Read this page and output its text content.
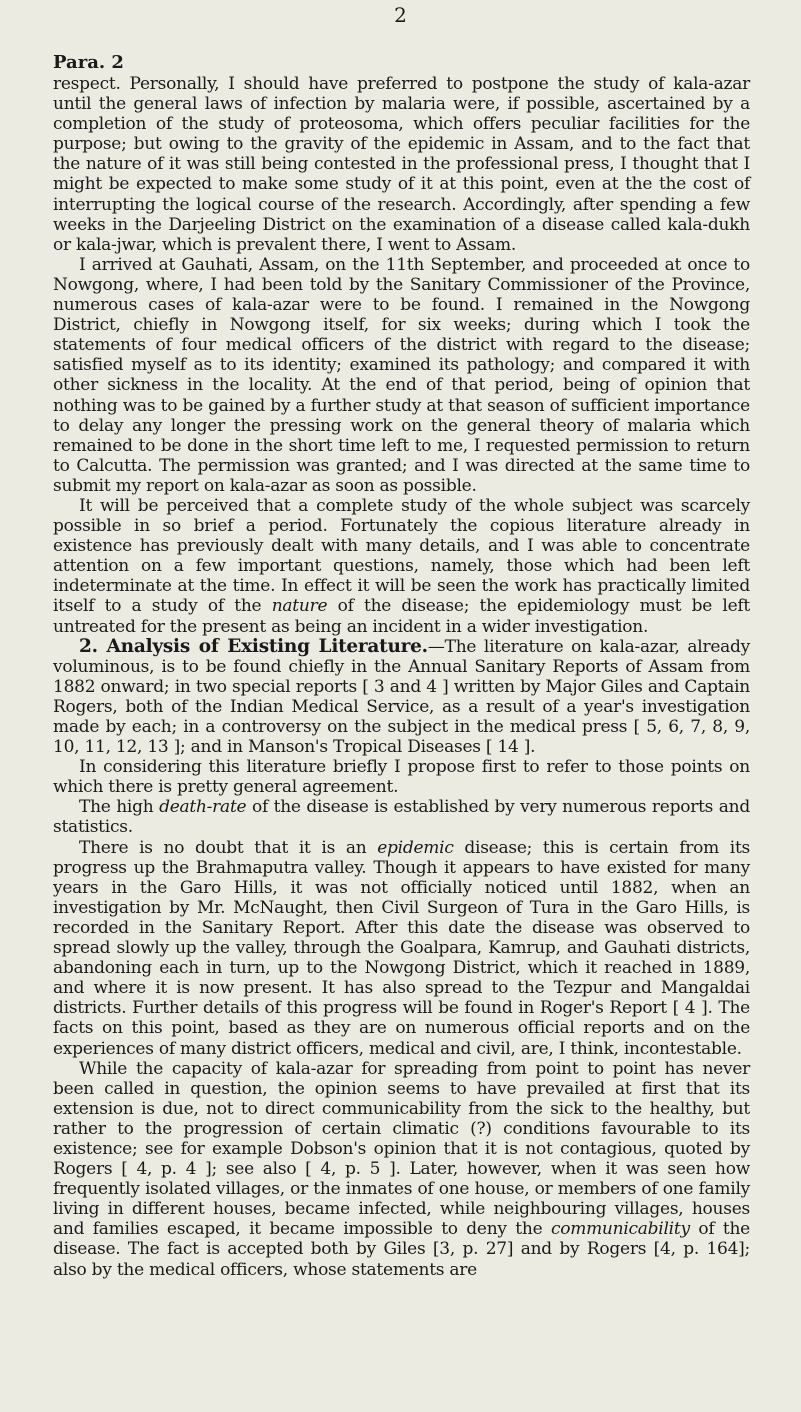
2
Para. 2

respect. Personally, I should have preferred to postpone the study of kala-azar until the general laws of infection by malaria were, if possible, ascertained by a completion of the study of proteosoma, which offers peculiar facilities for the purpose; but owing to the gravity of the epidemic in Assam, and to the fact that the nature of it was still being contested in the professional press, I thought that I might be expected to make some study of it at this point, even at the the cost of interrupting the logical course of the research. Accordingly, after spending a few weeks in the Darjeeling District on the examination of a disease called kala-dukh or kala-jwar, which is prevalent there, I went to Assam.

I arrived at Gauhati, Assam, on the 11th September, and proceeded at once to Nowgong, where, I had been told by the Sanitary Commissioner of the Province, numerous cases of kala-azar were to be found. I remained in the Nowgong District, chiefly in Nowgong itself, for six weeks; during which I took the statements of four medical officers of the district with regard to the disease; satisfied myself as to its identity; examined its pathology; and compared it with other sickness in the locality. At the end of that period, being of opinion that nothing was to be gained by a further study at that season of sufficient importance to delay any longer the pressing work on the general theory of malaria which remained to be done in the short time left to me, I requested permission to return to Calcutta. The permission was granted; and I was directed at the same time to submit my report on kala-azar as soon as possible.

It will be perceived that a complete study of the whole subject was scarcely possible in so brief a period. Fortunately the copious literature already in existence has previously dealt with many details, and I was able to concentrate attention on a few important questions, namely, those which had been left indeterminate at the time. In effect it will be seen the work has practically limited itself to a study of the nature of the disease; the epidemiology must be left untreated for the present as being an incident in a wider investigation.

2. Analysis of Existing Literature.—The literature on kala-azar, already voluminous, is to be found chiefly in the Annual Sanitary Reports of Assam from 1882 onward; in two special reports [ 3 and 4 ] written by Major Giles and Captain Rogers, both of the Indian Medical Service, as a result of a year's investigation made by each; in a controversy on the subject in the medical press [ 5, 6, 7, 8, 9, 10, 11, 12, 13 ]; and in Manson's Tropical Diseases [ 14 ].

In considering this literature briefly I propose first to refer to those points on which there is pretty general agreement.

The high death-rate of the disease is established by very numerous reports and statistics.

There is no doubt that it is an epidemic disease; this is certain from its progress up the Brahmaputra valley. Though it appears to have existed for many years in the Garo Hills, it was not officially noticed until 1882, when an investigation by Mr. McNaught, then Civil Surgeon of Tura in the Garo Hills, is recorded in the Sanitary Report. After this date the disease was observed to spread slowly up the valley, through the Goalpara, Kamrup, and Gauhati districts, abandoning each in turn, up to the Nowgong District, which it reached in 1889, and where it is now present. It has also spread to the Tezpur and Mangaldai districts. Further details of this progress will be found in Roger's Report [ 4 ]. The facts on this point, based as they are on numerous official reports and on the experiences of many district officers, medical and civil, are, I think, incontestable.

While the capacity of kala-azar for spreading from point to point has never been called in question, the opinion seems to have prevailed at first that its extension is due, not to direct communicability from the sick to the healthy, but rather to the progression of certain climatic (?) conditions favourable to its existence; see for example Dobson's opinion that it is not contagious, quoted by Rogers [ 4, p. 4 ]; see also [ 4, p. 5 ]. Later, however, when it was seen how frequently isolated villages, or the inmates of one house, or members of one family living in different houses, became infected, while neighbouring villages, houses and families escaped, it became impossible to deny the communicability of the disease. The fact is accepted both by Giles [3, p. 27] and by Rogers [4, p. 164]; also by the medical officers, whose statements are
